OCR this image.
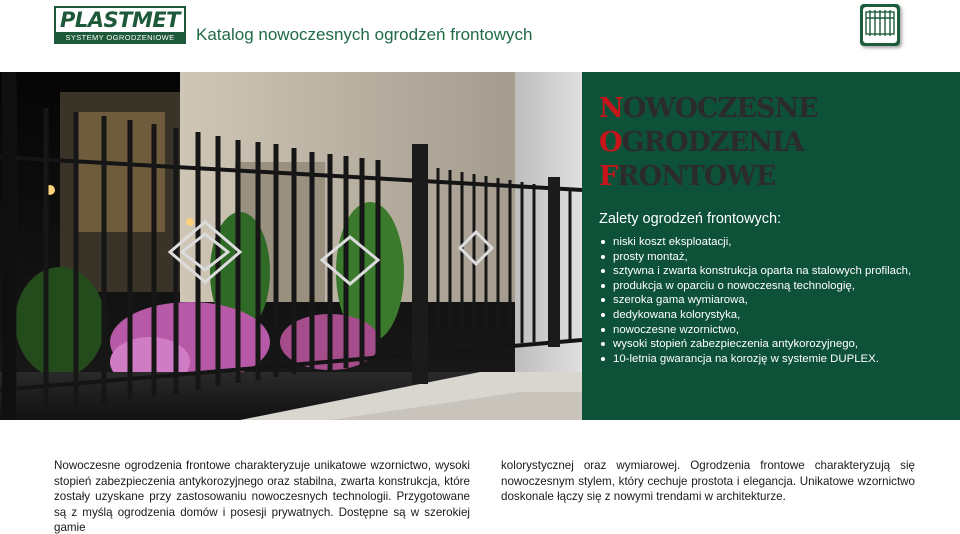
PLASTMET
SYSTEMY OGRODZENIOWE	Katalog nowoczesnych ogrodzeń frontowych
NOWOCZESNE
OGRODZENIA
FRONTOWE
Zalety ogrodzeń frontowych:
niski koszt eksploatacji,
prosty montaż,
sztywna i zwarta konstrukcja oparta na stalowych profilach,
produkcja w oparciu o nowoczesną technologię,
szeroka gama wymiarowa,
dedykowana kolorystyka,
nowoczesne wzornictwo,
wysoki stopień zabezpieczenia antykorozyjnego,
10-letnia gwarancja na korozję w systemie DUPLEX.

Nowoczesne ogrodzenia frontowe charakteryzuje unikatowe wzornictwo, wysoki stopień zabezpieczenia antykorozyjnego oraz stabilna, zwarta konstrukcja, które zostały uzyskane przy zastosowaniu nowoczesnych technologii. Przygotowane są z myślą ogrodzenia domów i posesji prywatnych. Dostępne są w szerokiej gamie

kolorystycznej oraz wymiarowej. Ogrodzenia frontowe charakteryzują się nowoczesnym stylem, który cechuje prostota i elegancja. Unikatowe wzornictwo doskonale łączy się z nowymi trendami w architekturze.
